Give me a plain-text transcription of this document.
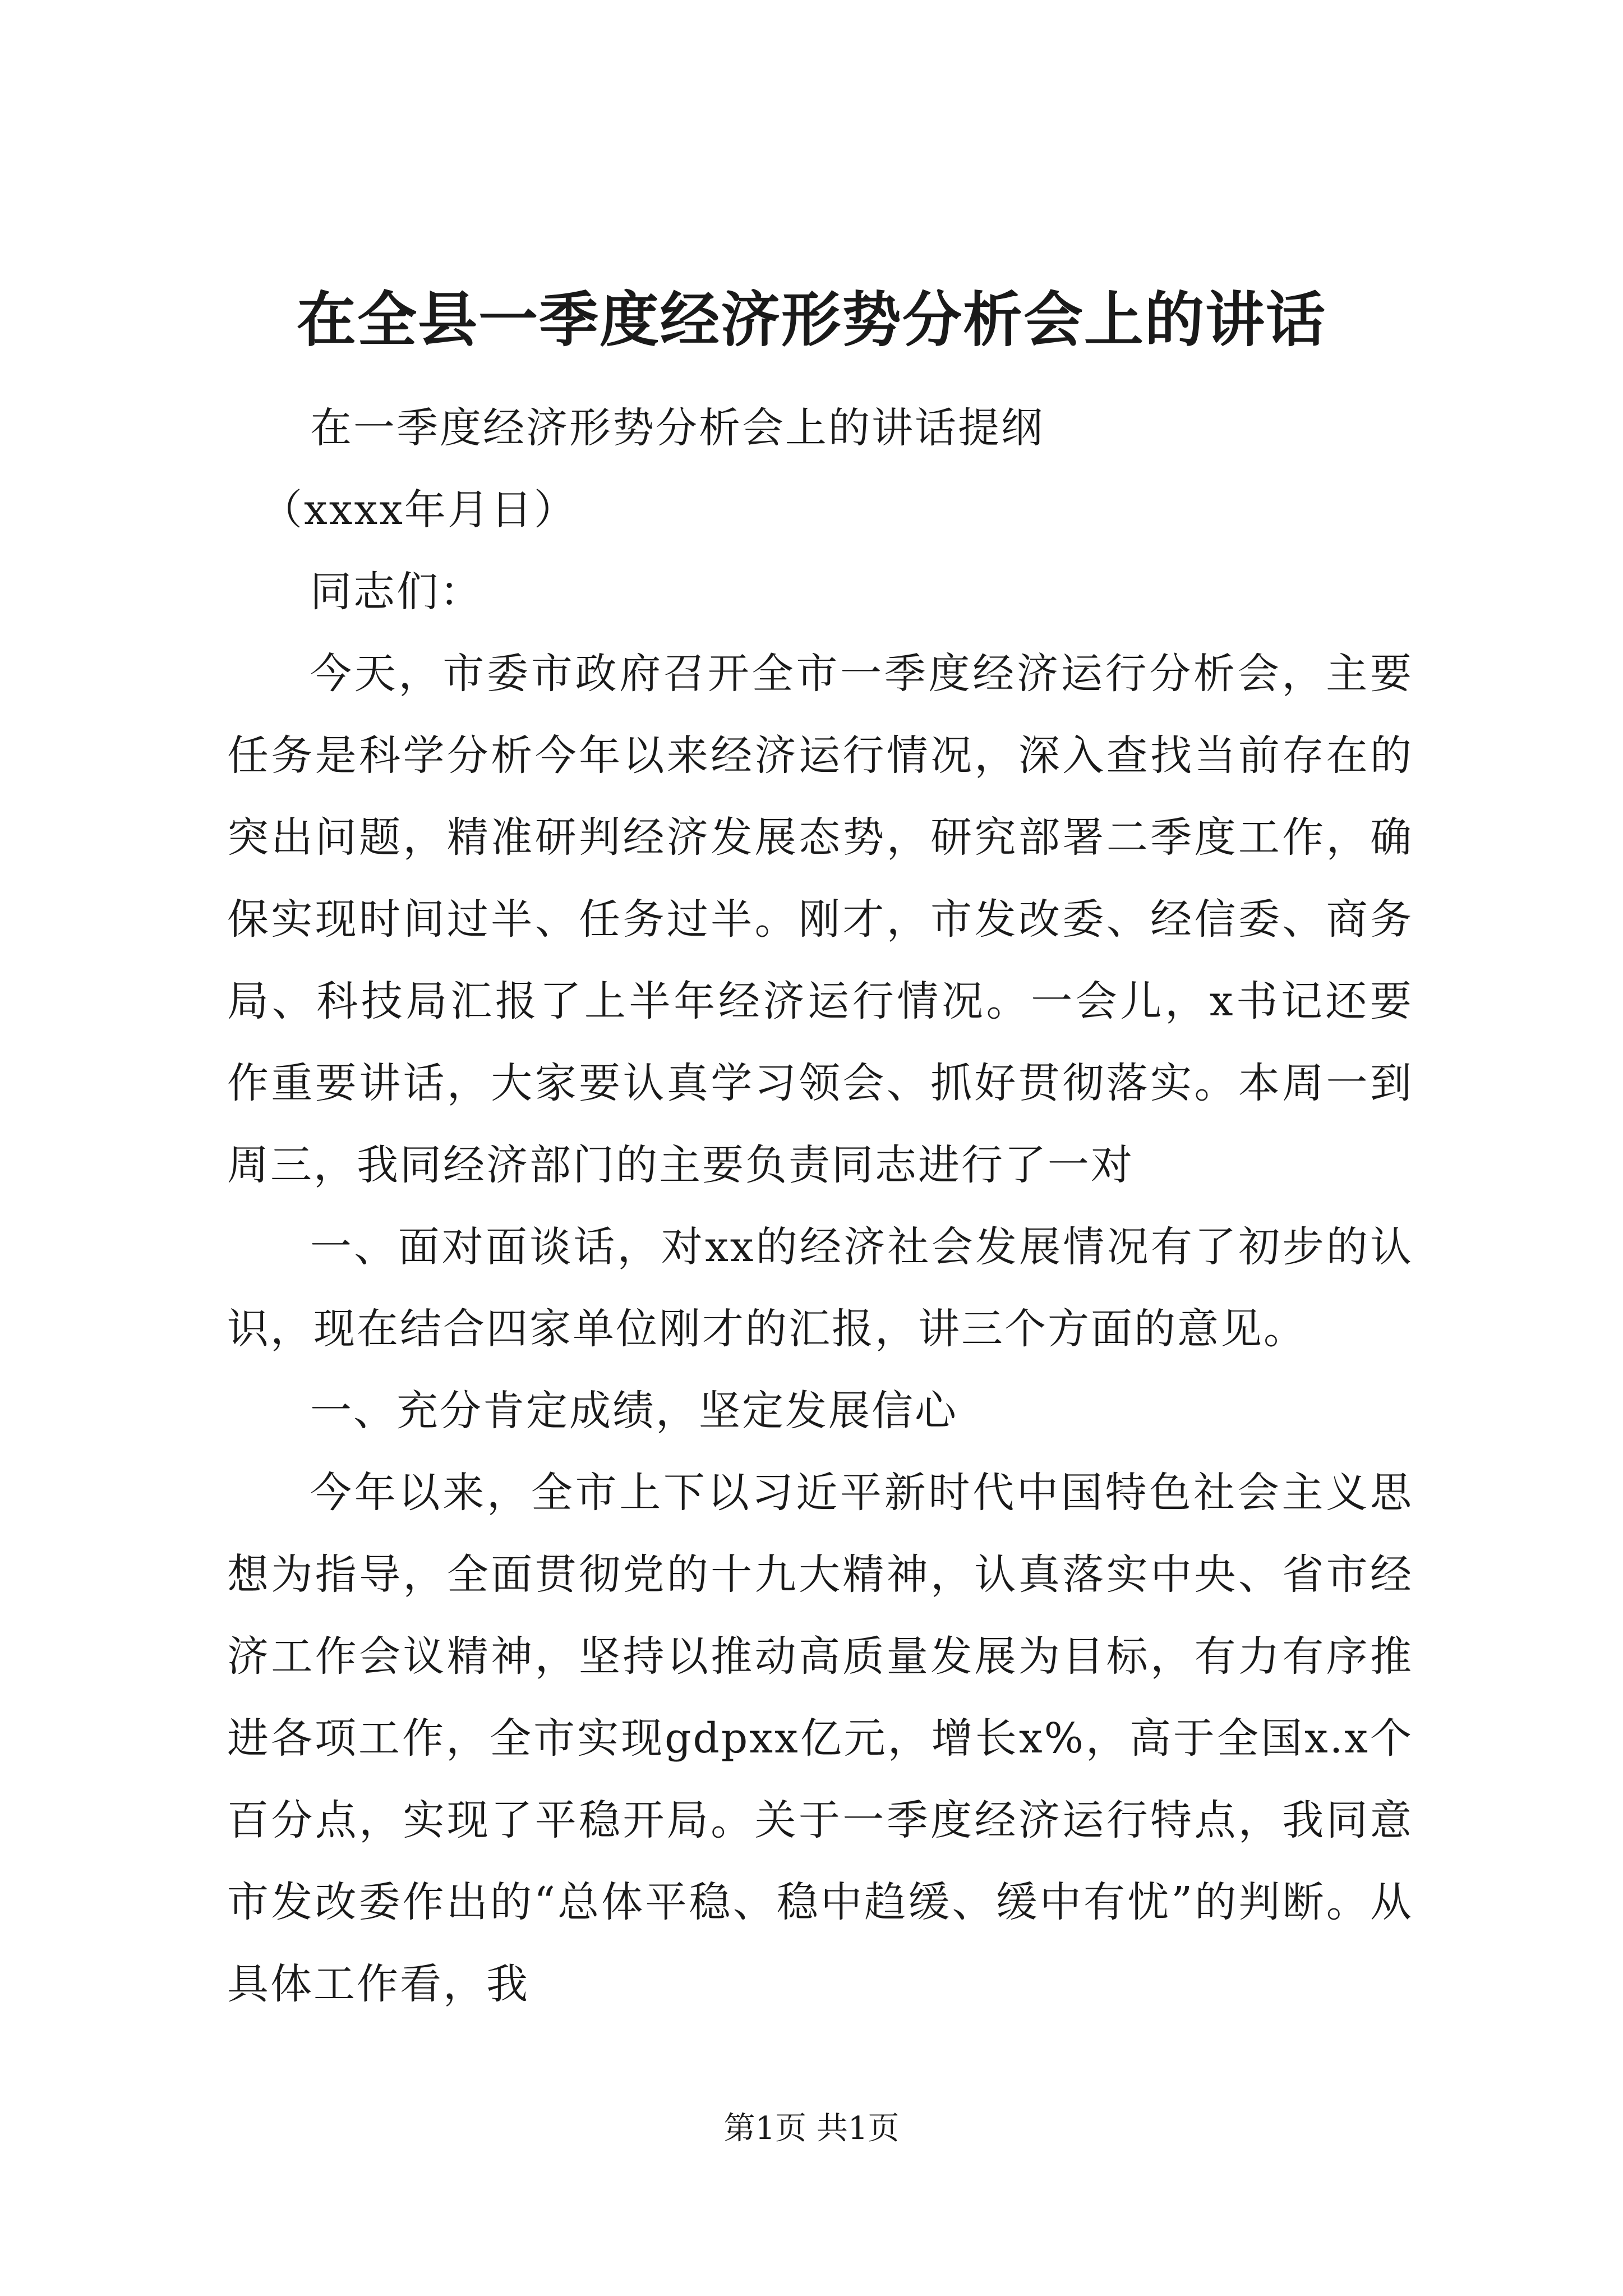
在全县一季度经济形势分析会上的讲话

在一季度经济形势分析会上的讲话提纲

（xxxx年月日）

同志们：

今天，市委市政府召开全市一季度经济运行分析会，主要任务是科学分析今年以来经济运行情况，深入查找当前存在的突出问题，精准研判经济发展态势，研究部署二季度工作，确保实现时间过半、任务过半。刚才，市发改委、经信委、商务局、科技局汇报了上半年经济运行情况。一会儿，x书记还要作重要讲话，大家要认真学习领会、抓好贯彻落实。本周一到周三，我同经济部门的主要负责同志进行了一对

一、面对面谈话，对xx的经济社会发展情况有了初步的认识，现在结合四家单位刚才的汇报，讲三个方面的意见。

一、充分肯定成绩，坚定发展信心

今年以来，全市上下以习近平新时代中国特色社会主义思想为指导，全面贯彻党的十九大精神，认真落实中央、省市经济工作会议精神，坚持以推动高质量发展为目标，有力有序推进各项工作，全市实现gdpxx亿元，增长x%，高于全国x.x个百分点，实现了平稳开局。关于一季度经济运行特点，我同意市发改委作出的“总体平稳、稳中趋缓、缓中有忧”的判断。从具体工作看，我

第1页 共1页
